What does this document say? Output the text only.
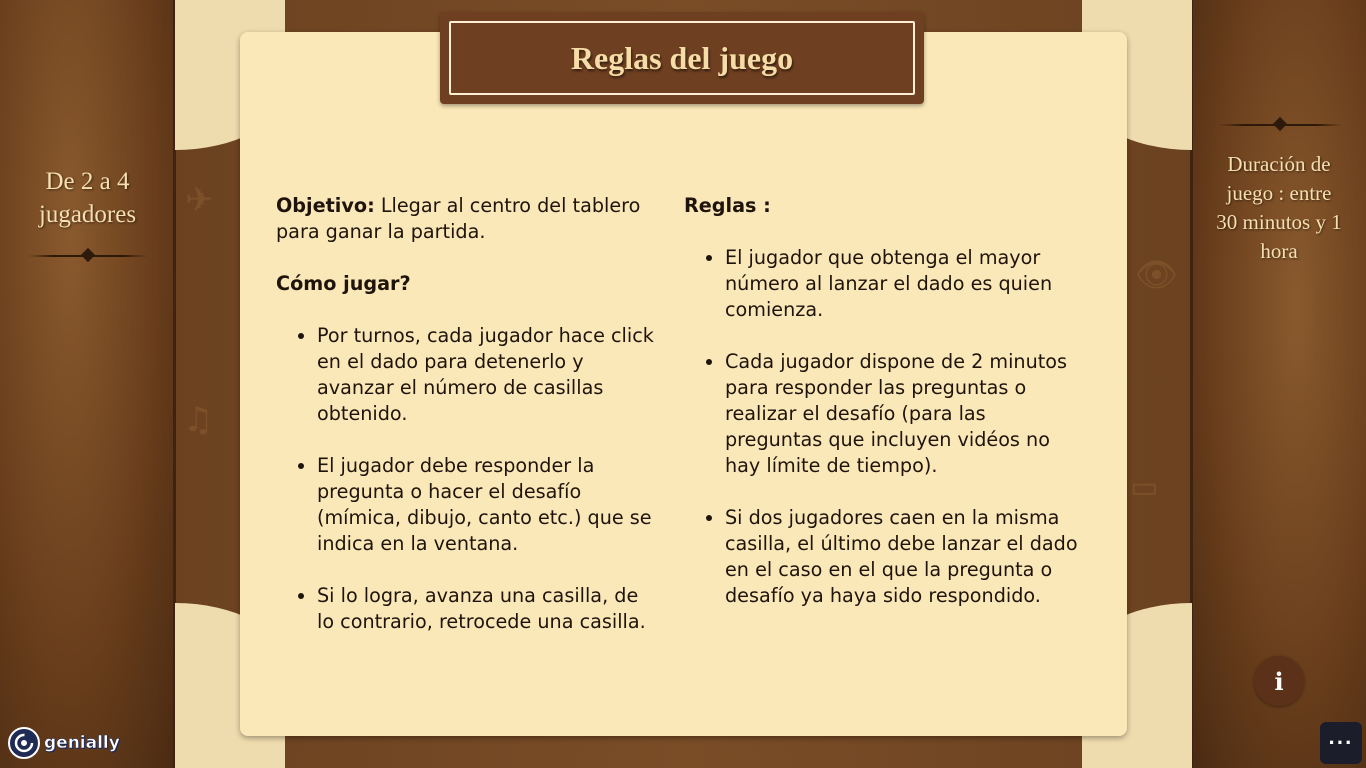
✈
👁
♫
▭
De 2 a 4 jugadores
Duración de juego : entre 30 minutos y 1 hora
Reglas del juego

Objetivo: Llegar al centro del tablero para ganar la partida.

Cómo jugar?
• Por turnos, cada jugador hace click en el dado para detenerlo y avanzar el número de casillas obtenido.
• El jugador debe responder la pregunta o hacer el desafío (mímica, dibujo, canto etc.) que se indica en la ventana.
• Si lo logra, avanza una casilla, de lo contrario, retrocede una casilla.
Reglas :
• El jugador que obtenga el mayor número al lanzar el dado es quien comienza.
• Cada jugador dispone de 2 minutos para responder las preguntas o realizar el desafío (para las preguntas que incluyen vidéos no hay límite de tiempo).
• Si dos jugadores caen en la misma casilla, el último debe lanzar el dado en el caso en el que la pregunta o desafío ya haya sido respondido.
i
···
genially
